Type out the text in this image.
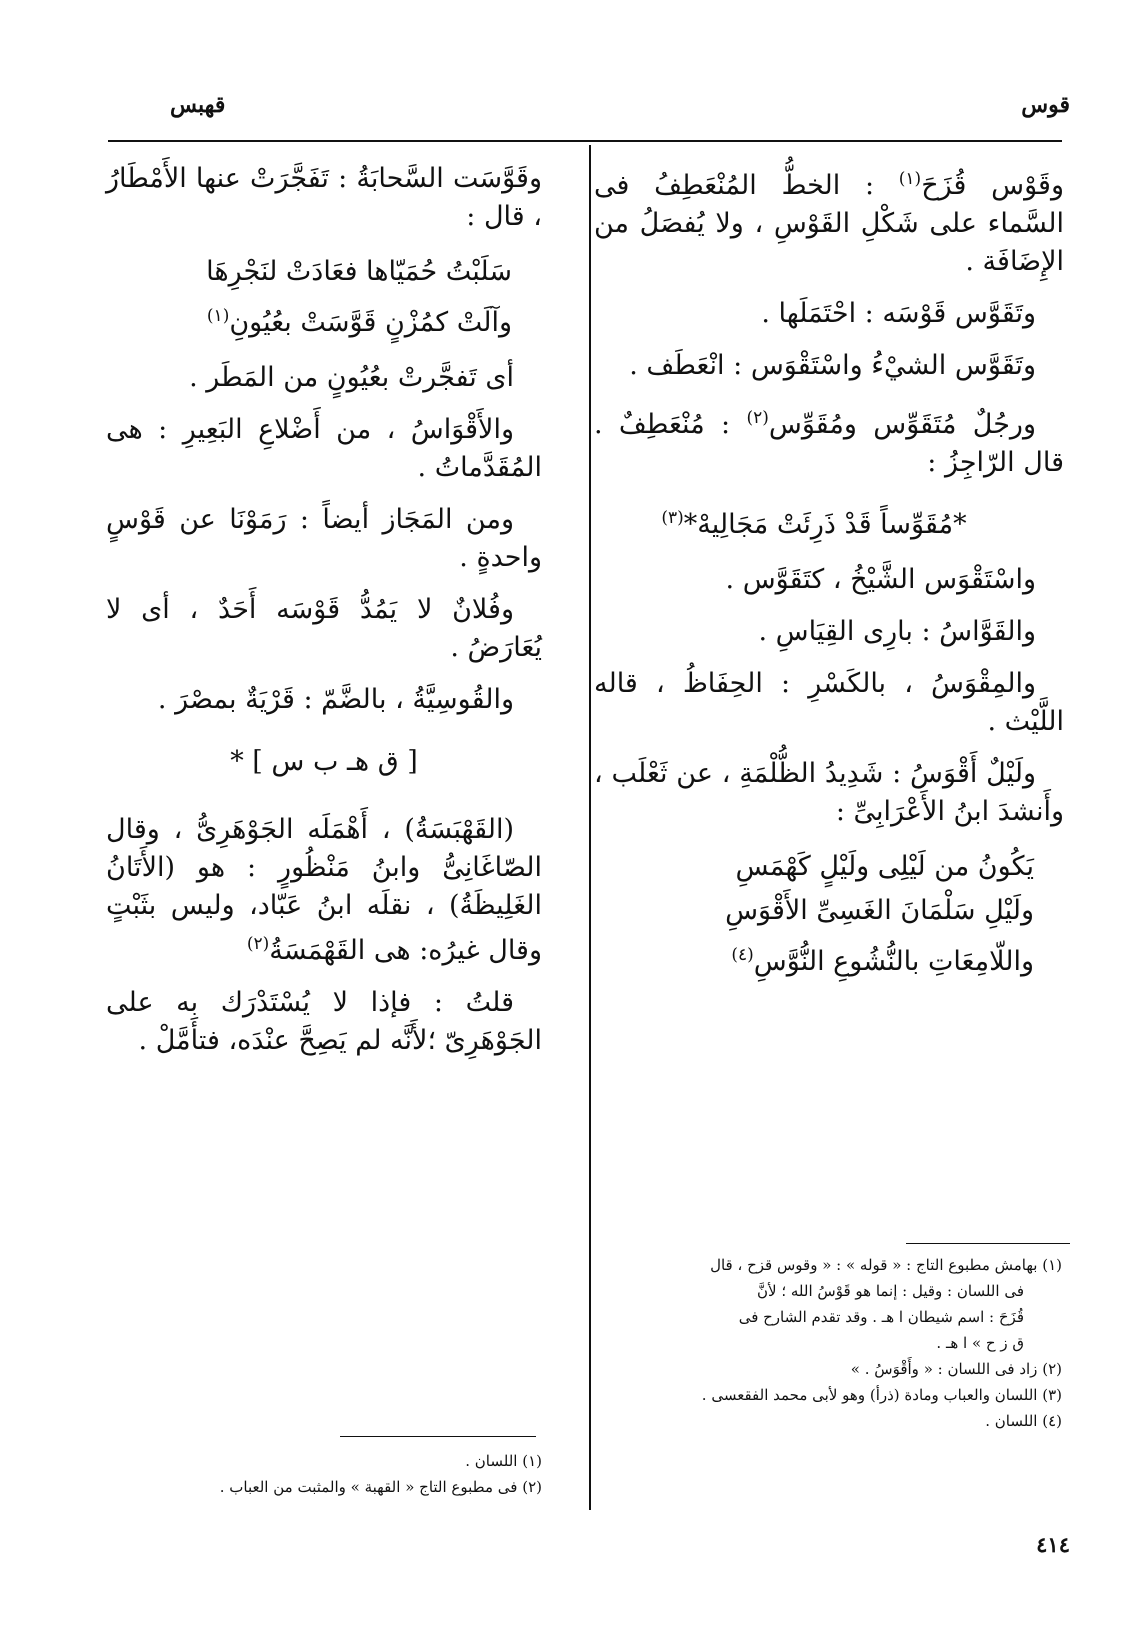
قوس
قهبس

وقَوْس قُزَحَ$^{(١)}$ : الخطُّ المُنْعَطِفُ فى السَّماء على شَكْلِ القَوْسِ ، ولا يُفصَلُ من الإِضَافَة .

وتَقَوَّس قَوْسَه : احْتَمَلَها .

وتَقَوَّس الشيْءُ واسْتَقْوَس : انْعَطَف .

ورجُلٌ مُتَقَوِّس ومُقَوِّس$^{(٢)}$ : مُنْعَطِفٌ . قال الرّاجِزُ :

*مُقَوِّساً قَدْ ذَرِئَتْ مَجَالِيهْ*$^{(٣)}$

واسْتَقْوَس الشَّيْخُ ، كتَقَوَّس .

والقَوَّاسُ : بارِى القِيَاسِ .

والمِقْوَسُ ، بالكَسْرِ : الحِفَاظُ ، قاله اللَّيْث .

ولَيْلٌ أَقْوَسُ : شَدِيدُ الظُّلْمَةِ ، عن ثَعْلَب ، وأَنشدَ ابنُ الأَعْرَابِىِّ :

يَكُونُ من لَيْلِى ولَيْلٍ كَهْمَسِ
ولَيْلِ سَلْمَانَ الغَسِىِّ الأَقْوَسِ
واللّامِعَاتِ بالنُّشُوعِ النُّوَّسِ$^{(٤)}$

وقَوَّسَت السَّحابَةُ : تَفَجَّرَتْ عنها الأَمْطَارُ ، قال :

سَلَبْتُ حُمَيّاها فعَادَتْ لنَجْرِهَا
وآلَتْ كمُزْنٍ قَوَّسَتْ بعُيُونِ$^{(١)}$

أى تَفجَّرتْ بعُيُونٍ من المَطَر .

والأَقْوَاسُ ، من أَضْلاعِ البَعِيرِ : هى المُقَدَّماتُ .

ومن المَجَاز أيضاً : رَمَوْنَا عن قَوْسٍ واحدةٍ .

وفُلانٌ لا يَمُدُّ قَوْسَه أَحَدٌ ، أى لا يُعَارَضُ .

والقُوسِيَّةُ ، بالضَّمّ : قَرْيَةٌ بمصْرَ .

[ ق هـ ب س ] *

(القَهْبَسَةُ) ، أَهْمَلَه الجَوْهَرِىُّ ، وقال الصّاغَانِىُّ وابنُ مَنْظُورٍ : هو (الأَتَانُ الغَلِيظَةُ) ، نقلَه ابنُ عَبّاد، وليس بثَبْتٍ وقال غيرُه: هى القَهْمَسَةُ$^{(٢)}$

قلتُ : فإذا لا يُسْتَدْرَك به على الجَوْهَرِىّ ؛لأَنَّه لم يَصِحَّ عنْدَه، فتأَمَّلْ .

(١) بهامش مطبوع التاج : « قوله » : « وقوس قزح ، قال
فى اللسان : وقيل : إنما هو قَوْسُ الله ؛ لأنَّ
قُزَحَ : اسم شيطان ا هـ . وقد تقدم الشارح فى
ق ز ح » ا هـ .
(٢) زاد فى اللسان : « وأَقْوَسُ . »
(٣) اللسان والعباب ومادة (ذرأ) وهو لأبى محمد الفقعسى .
(٤) اللسان .
(١) اللسان .
(٢) فى مطبوع التاج « القهبة » والمثبت من العباب .
٤١٤
